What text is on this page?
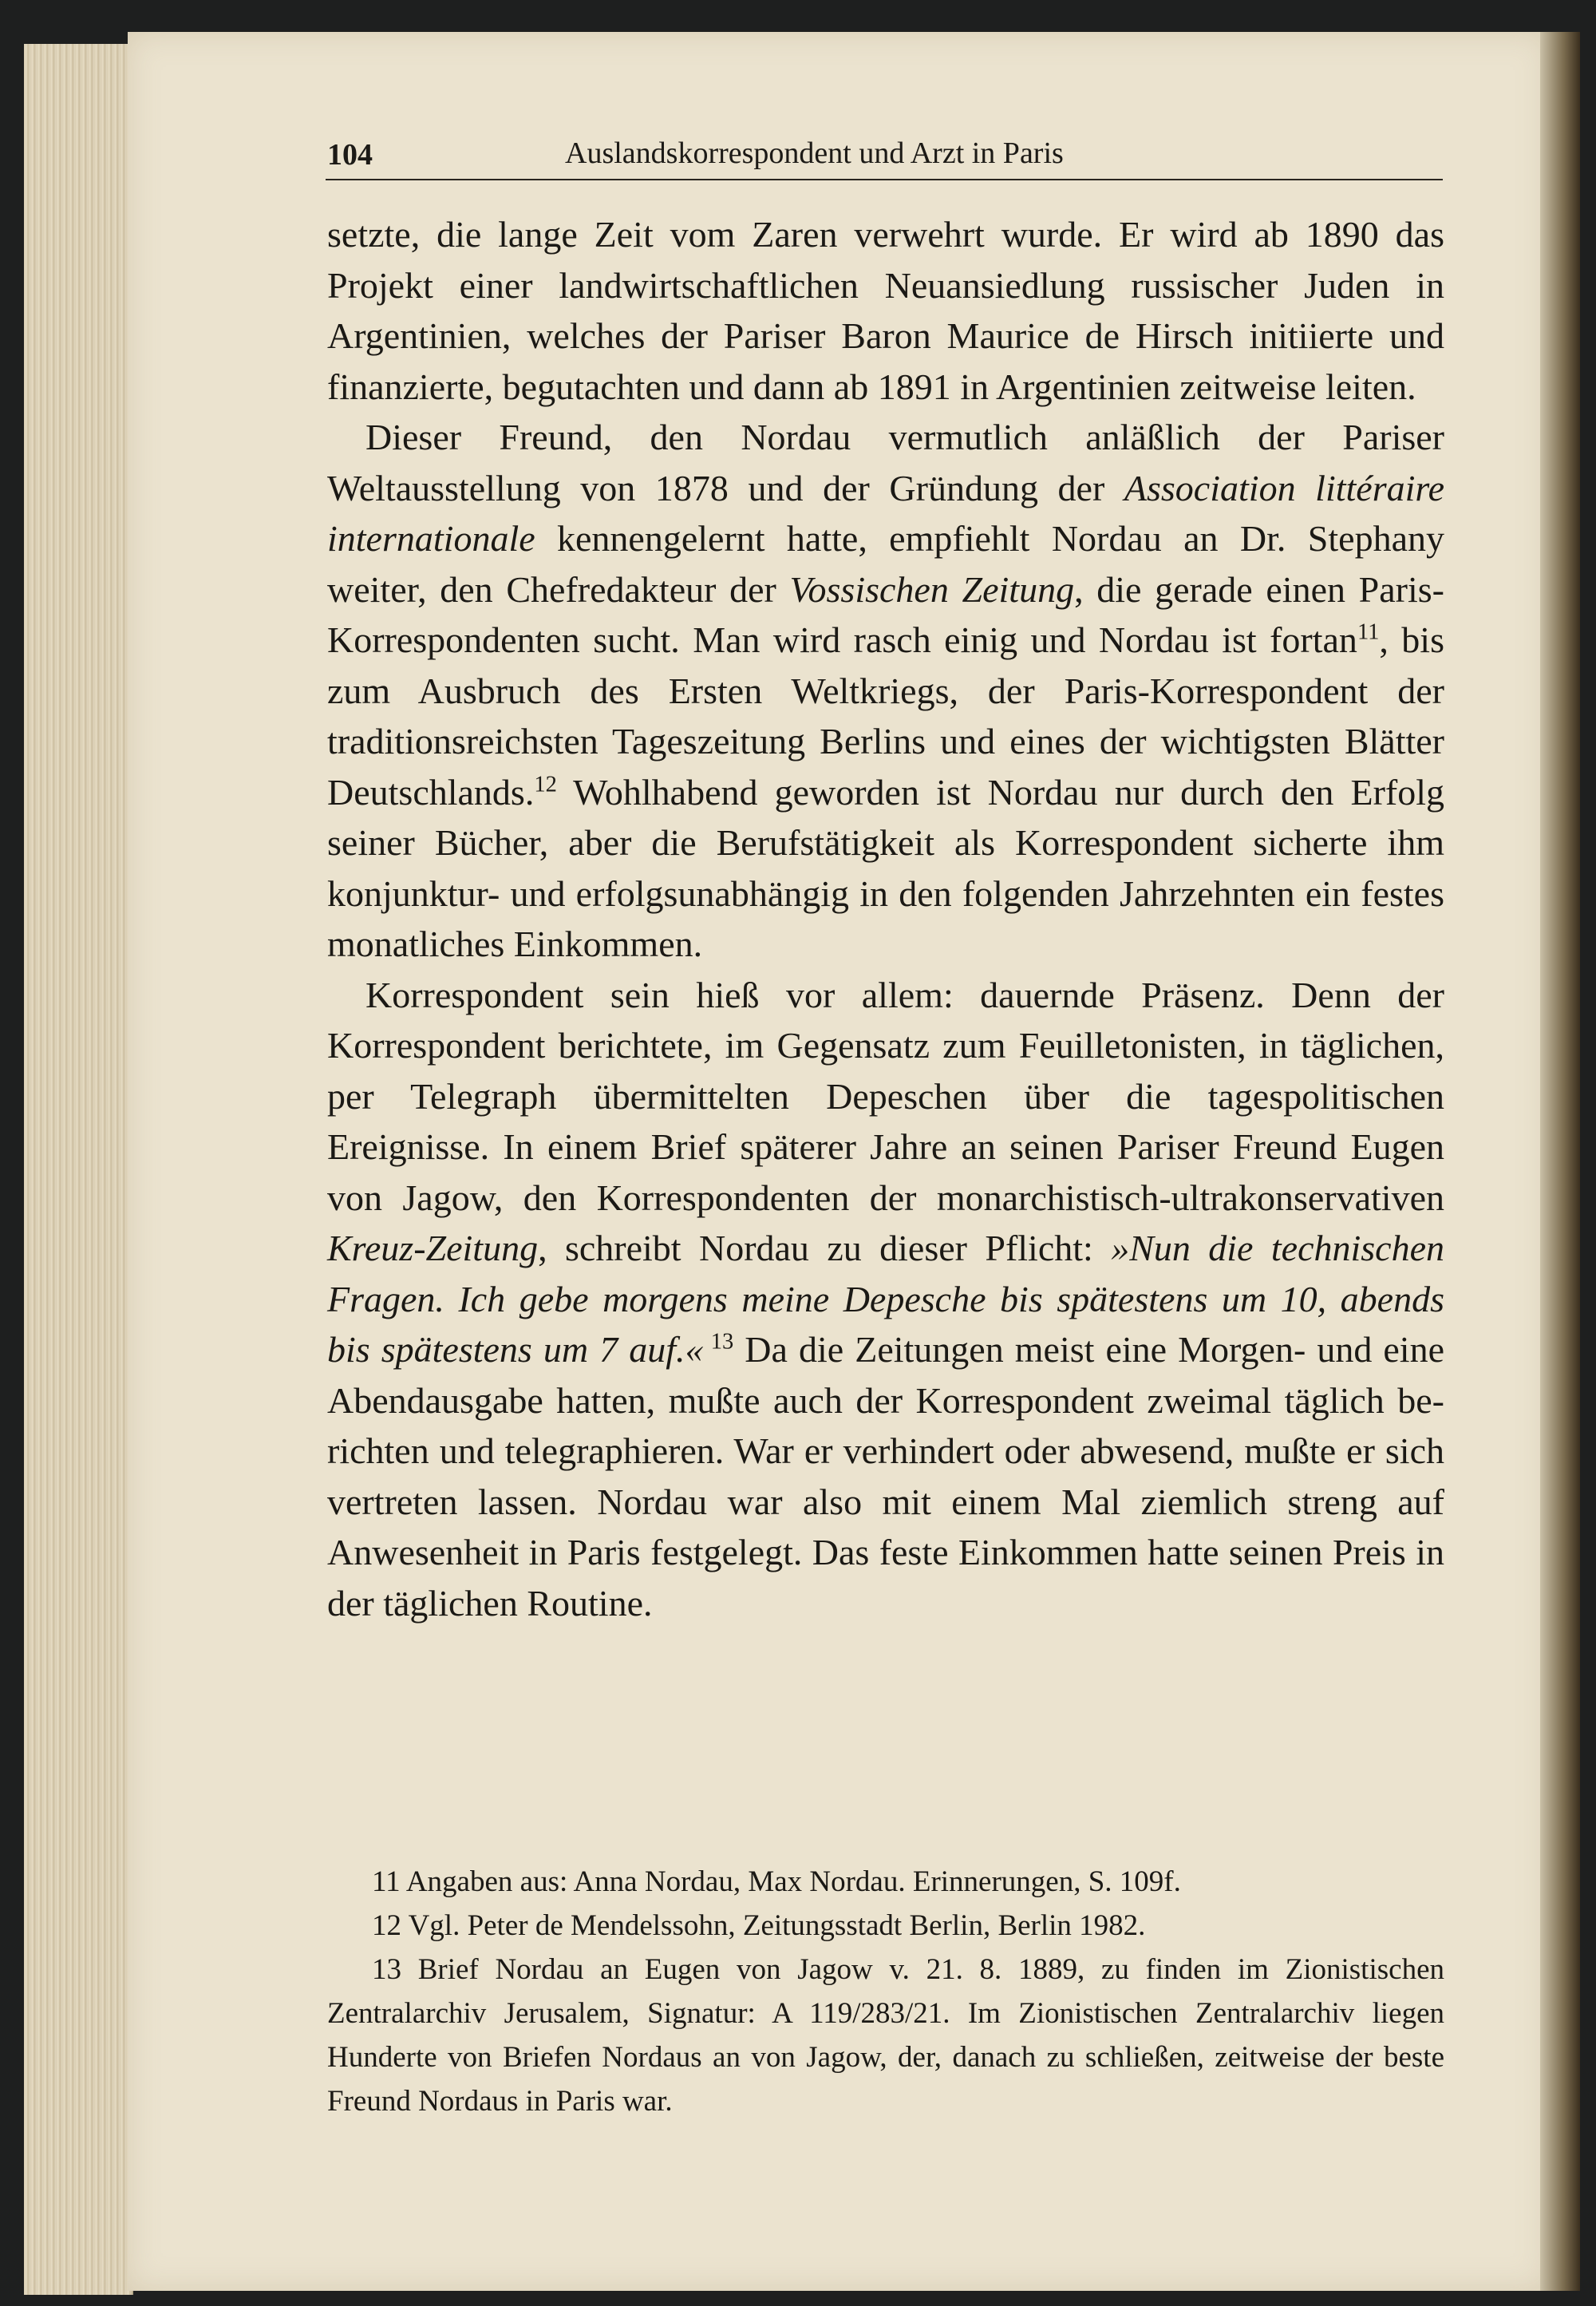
104	Auslandskorrespondent und Arzt in Paris

setzte, die lange Zeit vom Zaren verwehrt wurde. Er wird ab 1890 das Projekt einer landwirtschaftlichen Neuansiedlung russischer Juden in Argentinien, welches der Pariser Baron Maurice de Hirsch initiierte und finanzierte, begutachten und dann ab 1891 in Argentinien zeitweise leiten.

Dieser Freund, den Nordau vermutlich anläßlich der Pariser Weltausstellung von 1878 und der Gründung der Association littéraire internationale kennengelernt hatte, empfiehlt Nordau an Dr. Stephany weiter, den Chefredakteur der Vossischen Zeitung, die gerade einen Paris-Korrespondenten sucht. Man wird rasch einig und Nordau ist fortan$^{11}$, bis zum Ausbruch des Ersten Weltkriegs, der Paris-Korrespondent der traditionsreichsten Tageszeitung Berlins und eines der wichtigsten Blätter Deutschlands.$^{12}$ Wohlhabend geworden ist Nordau nur durch den Erfolg seiner Bücher, aber die Berufstätigkeit als Korrespondent sicherte ihm konjunktur- und erfolgsunabhängig in den folgenden Jahrzehnten ein festes monatliches Einkommen.

Korrespondent sein hieß vor allem: dauernde Präsenz. Denn der Korrespondent berichtete, im Gegensatz zum Feuilletonisten, in täglichen, per Telegraph übermittelten Depeschen über die tagespolitischen Ereignisse. In einem Brief späterer Jahre an seinen Pariser Freund Eugen von Jagow, den Korrespondenten der monarchistisch-ultrakonservativen Kreuz-Zeitung, schreibt Nordau zu dieser Pflicht: »Nun die technischen Fragen. Ich gebe morgens meine Depesche bis spätestens um 10, abends bis spätestens um 7 auf.«  $^{13}$ Da die Zeitungen meist eine Morgen- und eine Abendausgabe hatten, mußte auch der Korrespondent zweimal täglich berichten und telegraphieren. War er verhindert oder abwesend, mußte er sich vertreten lassen. Nordau war also mit einem Mal ziemlich streng auf Anwesenheit in Paris festgelegt. Das feste Einkommen hatte seinen Preis in der täglichen Routine.

11 Angaben aus: Anna Nordau, Max Nordau. Erinnerungen, S. 109f.

12 Vgl. Peter de Mendelssohn, Zeitungsstadt Berlin, Berlin 1982.

13 Brief Nordau an Eugen von Jagow v. 21. 8. 1889, zu finden im Zionistischen Zentralarchiv Jerusalem, Signatur: A 119/283/21. Im Zionistischen Zentralarchiv liegen Hunderte von Briefen Nordaus an von Jagow, der, danach zu schließen, zeitweise der beste Freund Nordaus in Paris war.
